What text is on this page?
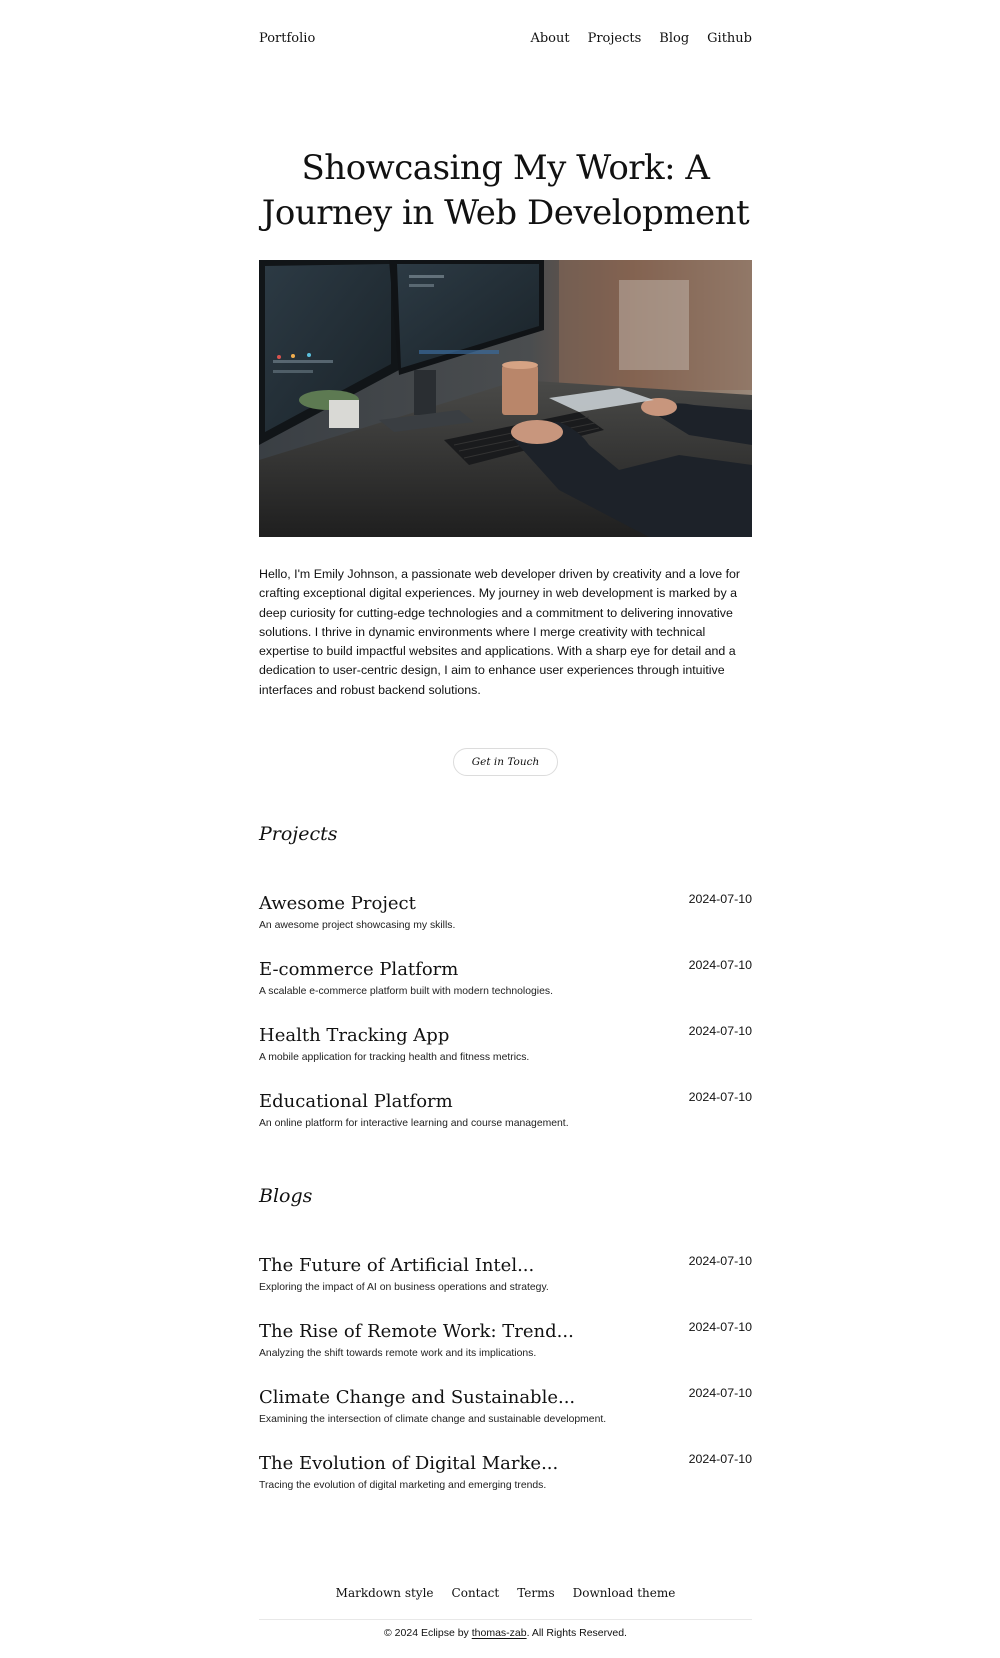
Portfolio	About Projects Blog Github
Showcasing My Work: A
Journey in Web Development

Hello, I'm Emily Johnson, a passionate web developer driven by creativity and a love for crafting exceptional digital experiences. My journey in web development is marked by a deep curiosity for cutting-edge technologies and a commitment to delivering innovative solutions. I thrive in dynamic environments where I merge creativity with technical expertise to build impactful websites and applications. With a sharp eye for detail and a dedication to user-centric design, I aim to enhance user experiences through intuitive interfaces and robust backend solutions.

Get in Touch
Projects
Awesome Project
An awesome project showcasing my skills.
2024-07-10
E-commerce Platform
A scalable e-commerce platform built with modern technologies.
2024-07-10
Health Tracking App
A mobile application for tracking health and fitness metrics.
2024-07-10
Educational Platform
An online platform for interactive learning and course management.
2024-07-10
Blogs
The Future of Artificial Intel...
Exploring the impact of AI on business operations and strategy.
2024-07-10
The Rise of Remote Work: Trend...
Analyzing the shift towards remote work and its implications.
2024-07-10
Climate Change and Sustainable...
Examining the intersection of climate change and sustainable development.
2024-07-10
The Evolution of Digital Marke...
Tracing the evolution of digital marketing and emerging trends.
2024-07-10
Markdown style Contact Terms Download theme
© 2024 Eclipse by thomas-zab. All Rights Reserved.
